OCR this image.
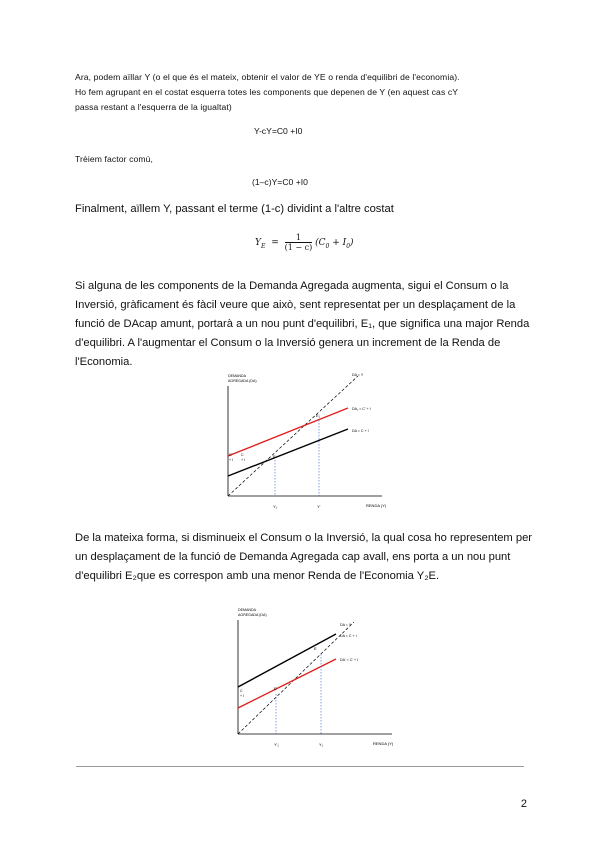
Ara, podem aïllar Y (o el que és el mateix, obtenir el valor de YE o renda d'equilibri de l'economia).
Ho fem agrupant en el costat esquerra totes les components que depenen de Y (en aquest cas cY
passa restant a l'esquerra de la igualtat)
Y-cY=C0 +I0
Trèiem factor comú,
(1–c)Y=C0 +I0
Finalment, aïllem Y, passant el terme (1-c) dividint a l'altre costat
$Y_E = \frac{1}{(1 - c)} (C_0 + I_0)$
Si alguna de les components de la Demanda Agregada augmenta, sigui el Consum o la
Inversió, gràficament és fàcil veure que això, sent representat per un desplaçament de la
funció de DAcap amunt, portarà a un nou punt d'equilibri, E₁, que significa una major Renda
d'equilibri. A l'augmentar el Consum o la Inversió genera un increment de la Renda de
l'Economia.
DEMANDA
AGREGADA (DA)
RENDA (Y)
DA = Y
DA₁ = C' + I
DA = C + I
C'
+ I
C
+ I
E
E₁
Y₁	Y'
De la mateixa forma, si disminueix el Consum o la Inversió, la qual cosa ho representem per
un desplaçament de la funció de Demanda Agregada cap avall, ens porta a un nou punt
d'equilibri E₂que es correspon amb una menor Renda de l'Economia Y₂E.
DEMANDA
AGREGADA (DA)
RENDA (Y)
DA = Y
DA = C + I
DA' = C' + I
C
+ I
E
E'
Y'₁	Y₁
2
